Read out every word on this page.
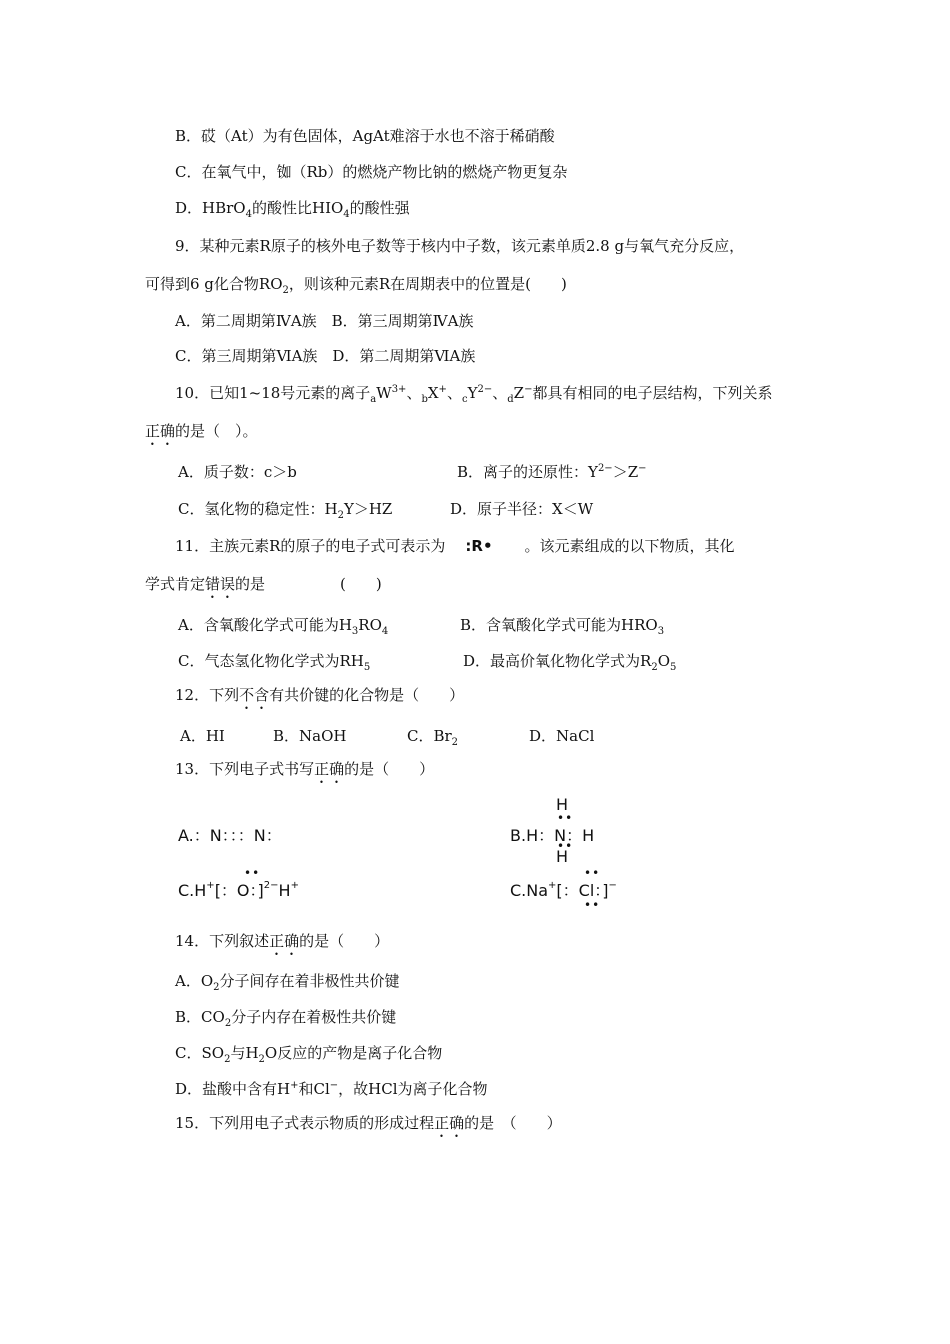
B．砹（At）为有色固体，AgAt难溶于水也不溶于稀硝酸
C．在氧气中，铷（Rb）的燃烧产物比钠的燃烧产物更复杂
D．HBrO$_4$的酸性比$HIO_4$的酸性强
9．某种元素R原子的核外电子数等于核内中子数，该元素单质2.8 g与氧气充分反应，
可得到6 g化合物$RO_2$，则该种元素R在周期表中的位置是(　　)
A．第二周期第ⅣA族　B．第三周期第ⅣA族
C．第三周期第ⅥA族　D．第二周期第ⅥA族
10．已知1~18号元素的离子$_aW^{3+}$、$_b$X+、$_cY^{2-}$、$_d$Z−都具有相同的电子层结构，下列关系
正确的是（　）。
A．质子数：c＞b	B．离子的还原性：$Y^{2-}>Z^-$
C．氢化物的稳定性：$H_2Y>HZ$	D．原子半径：X＜W
11．主族元素R的原子的电子式可表示为 :R• 。该元素组成的以下物质，其化
学式肯定错误的是　　　　　(　　)
A．含氧酸化学式可能为$H_3RO_4$	B．含氧酸化学式可能为$HRO_3$
C．气态氢化物化学式为$RH_5$	D．最高价氧化物化学式为$R_2O_5$
12．下列不含有共价键的化合物是（　　）
A．HI	B．NaOH	C．$Br_2$	D．NaCl
13．下列电子式书写正确的是（　　）
A.：N：：：N：
H
••
B.H：N：H
••
H
••
C.H+[：O：]$^{2-}$H+
••
C.Na+[：Cl：]−
••
14．下列叙述正确的是（　　）
A．$O_2$分子间存在着非极性共价键
B．$CO_2$分子内存在着极性共价键
C．$SO_2$与$H_2O$反应的产物是离子化合物
D．盐酸中含有H+和Cl−，故HCl为离子化合物
15．下列用电子式表示物质的形成过程正确的是　（　　）
